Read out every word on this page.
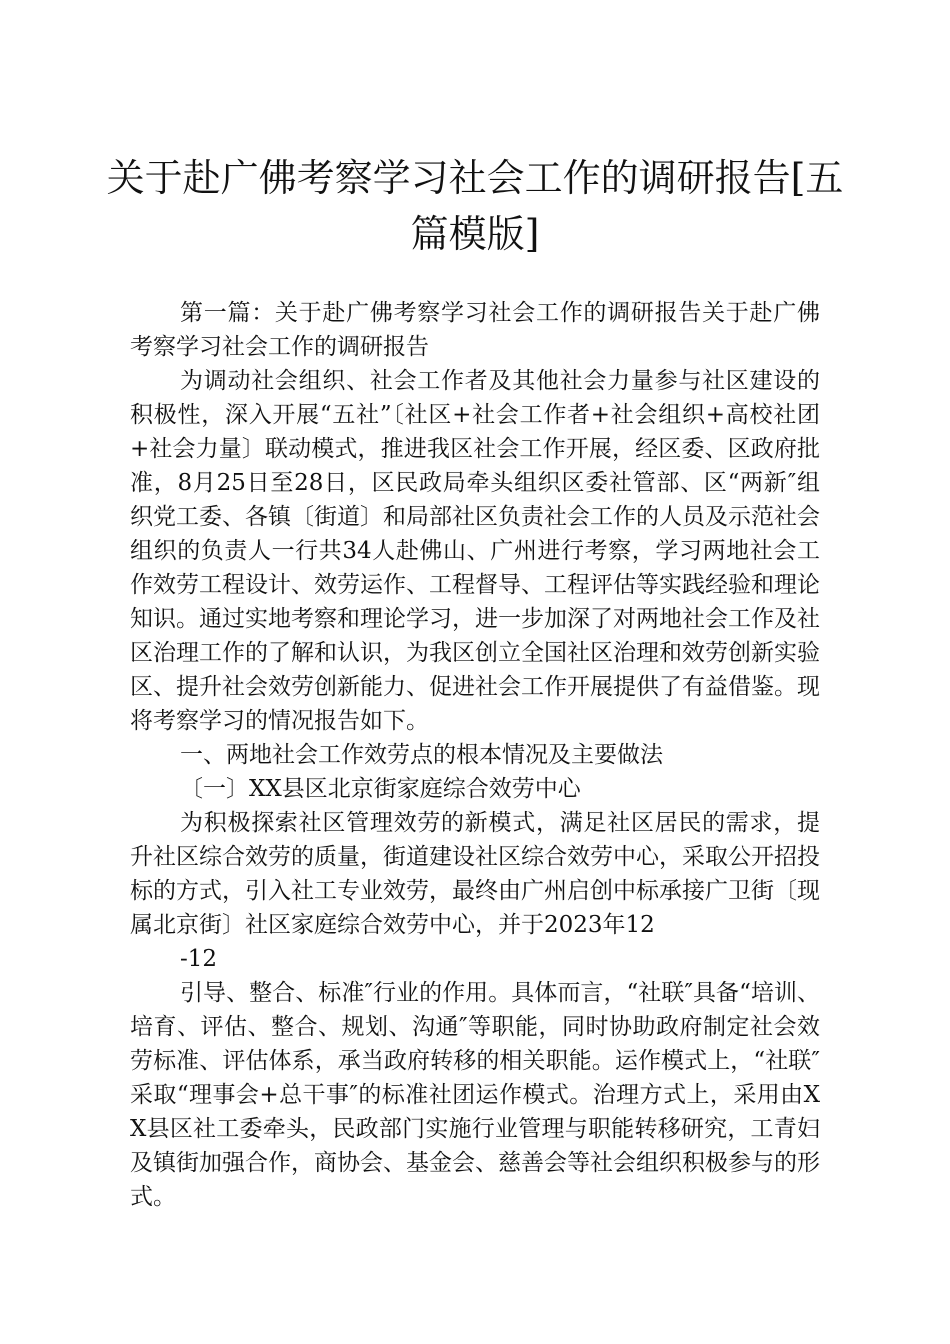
关于赴广佛考察学习社会工作的调研报告[五篇模版]

第一篇：关于赴广佛考察学习社会工作的调研报告关于赴广佛考察学习社会工作的调研报告

为调动社会组织、社会工作者及其他社会力量参与社区建设的积极性，深入开展“五社”〔社区+社会工作者+社会组织+高校社团+社会力量〕联动模式，推进我区社会工作开展，经区委、区政府批准，8月25日至28日，区民政局牵头组织区委社管部、区“两新″组织党工委、各镇〔街道〕和局部社区负责社会工作的人员及示范社会组织的负责人一行共34人赴佛山、广州进行考察，学习两地社会工作效劳工程设计、效劳运作、工程督导、工程评估等实践经验和理论知识。通过实地考察和理论学习，进一步加深了对两地社会工作及社区治理工作的了解和认识，为我区创立全国社区治理和效劳创新实验区、提升社会效劳创新能力、促进社会工作开展提供了有益借鉴。现将考察学习的情况报告如下。

一、两地社会工作效劳点的根本情况及主要做法

〔一〕XX县区北京街家庭综合效劳中心

为积极探索社区管理效劳的新模式，满足社区居民的需求，提升社区综合效劳的质量，街道建设社区综合效劳中心，采取公开招投标的方式，引入社工专业效劳，最终由广州启创中标承接广卫街〔现属北京街〕社区家庭综合效劳中心，并于2023年12

-12

引导、整合、标准″行业的作用。具体而言，“社联″具备“培训、培育、评估、整合、规划、沟通″等职能，同时协助政府制定社会效劳标准、评估体系，承当政府转移的相关职能。运作模式上，“社联″采取“理事会+总干事″的标准社团运作模式。治理方式上，采用由XX县区社工委牵头，民政部门实施行业管理与职能转移研究，工青妇及镇街加强合作，商协会、基金会、慈善会等社会组织积极参与的形式。
